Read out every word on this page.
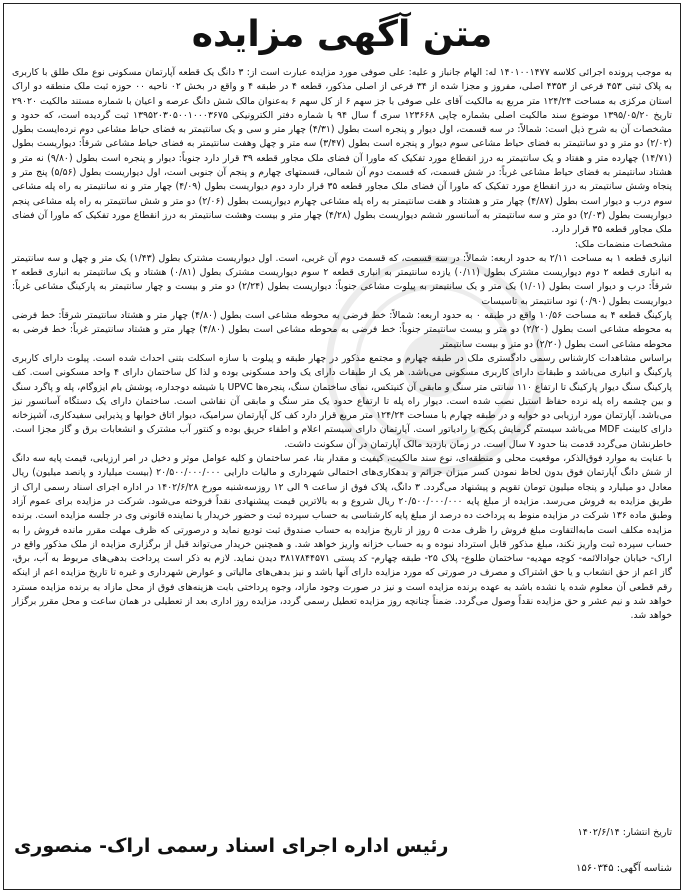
متن آگهی مزایده

به موجب پرونده اجرائی کلاسه ۱۴۰۱۰۰۱۴۷۷ له: الهام جانباز و علیه: علی صوفی مورد مزایده عبارت است از: ۳ دانگ یک قطعه آپارتمان مسکونی نوع ملک طلق با کاربری به پلاک ثبتی ۴۵۳ فرعی از ۴۳۵۳ اصلی، مفروز و مجزا شده از ۳۴ فرعی از اصلی مذکور، قطعه ۴ در طبقه ۴ و واقع در بخش ۰۲ ناحیه ۰۰ حوزه ثبت ملک منطقه دو اراک استان مرکزی به مساحت ۱۲۴/۲۴ متر مربع به مالکیت آقای علی صوفی با جز سهم ۶ از کل سهم ۶ به‌عنوان مالک شش دانگ عرصه و اعیان با شماره مستند مالکیت ۲۹۰۲۰ تاریخ ۱۳۹۵/۰۵/۲۰ موضوع سند مالکیت اصلی بشماره چاپی ۱۲۳۶۶۸ سری f سال ۹۴ با شماره دفتر الکترونیکی ۱۳۹۵۲۰۳۰۵۰۰۱۰۰۰۳۶۷۵ ثبت گردیده است، که حدود و مشخصات آن به شرح ذیل است: شمالاً: در سه قسمت، اول دیوار و پنجره است بطول (۴/۳۱) چهار متر و سی و یک سانتیمتر به فضای حیاط مشاعی دوم نرده‌ایست بطول (۲/۰۲) دو متر و دو سانتیمتر به فضای حیاط مشاعی سوم دیوار و پنجره است بطول (۳/۴۷) سه متر و چهل وهفت سانتیمتر به فضای حیاط مشاعی شرقاً: دیواریست بطول (۱۴/۷۱) چهارده متر و هفتاد و یک سانتیمتر به درز انقطاع مورد تفکیک که ماورا آن فضای ملک مجاور قطعه ۳۹ قرار دارد جنوباً: دیوار و پنجره است بطول (۹/۸۰) نه متر و هشتاد سانتیمتر به فضای حیاط مشاعی غرباً: در شش قسمت، که قسمت دوم آن شمالی، قسمتهای چهارم و پنجم آن جنوبی است، اول دیواریست بطول (۵/۵۶) پنج متر و پنجاه وشش سانتیمتر به درز انقطاع مورد تفکیک که ماورا آن فضای ملک مجاور قطعه ۳۵ قرار دارد دوم دیواریست بطول (۴/۰۹) چهار متر و نه سانتیمتر به راه پله مشاعی سوم درب و دیوار است بطول (۴/۸۷) چهار متر و هشتاد و هفت سانتیمتر به راه پله مشاعی چهارم دیواریست بطول (۲/۰۶) دو متر و شش سانتیمتر به راه پله مشاعی پنجم دیواریست بطول (۲/۰۳) دو متر و سه سانتیمتر به آسانسور ششم دیواریست بطول (۴/۲۸) چهار متر و بیست وهشت سانتیمتر به درز انقطاع مورد تفکیک که ماورا آن فضای ملک مجاور قطعه ۳۵ قرار دارد.

مشخصات منضمات ملک:

انباری قطعه ۱ به مساحت ۲/۱۱ به حدود اربعه: شمالاً: در سه قسمت، که قسمت دوم آن غربی، است. اول دیواریست مشترک بطول (۱/۴۳) یک متر و چهل و سه سانتیمتر به انباری قطعه ۲ دوم دیواریست مشترک بطول (۰/۱۱) یازده سانتیمتر به انباری قطعه ۲ سوم دیواریست مشترک بطول (۰/۸۱) هشتاد و یک سانتیمتر به انباری قطعه ۲ شرقاً: درب و دیوار است بطول (۱/۰۱) یک متر و یک سانتیمتر به پیلوت مشاعی جنوباً: دیواریست بطول (۲/۲۴) دو متر و بیست و چهار سانتیمتر به پارکینگ مشاعی غرباً: دیواریست بطول (۰/۹۰) نود سانتیمتر به تاسیسات

پارکینگ قطعه ۴ به مساحت ۱۰/۵۶ واقع در طبقه ۰ به حدود اربعه: شمالاً: خط فرضی به محوطه مشاعی است بطول (۴/۸۰) چهار متر و هشتاد سانتیمتر شرقاً: خط فرضی به محوطه مشاعی است بطول (۲/۲۰) دو متر و بیست سانتیمتر جنوباً: خط فرضی به محوطه مشاعی است بطول (۴/۸۰) چهار متر و هشتاد سانتیمتر غرباً: خط فرضی به محوطه مشاعی است بطول (۲/۲۰) دو متر و بیست سانتیمتر

براساس مشاهدات کارشناس رسمی دادگستری ملک در طبقه چهارم و مجتمع مذکور در چهار طبقه و پیلوت با سازه اسکلت بتنی احداث شده است. پیلوت دارای کاربری پارکینگ و انباری می‌باشد و طبقات دارای کاربری مسکونی می‌باشد. هر یک از طبقات دارای یک واحد مسکونی بوده و لذا کل ساختمان دارای ۴ واحد مسکونی است. کف پارکینگ سنگ دیوار پارکینگ تا ارتفاع ۱۱۰ سانتی متر سنگ و مابقی آن کنیتکس، نمای ساختمان سنگ، پنجره‌ها UPVC با شیشه دوجداره، پوشش بام ایزوگام، پله و پاگرد سنگ و بین چشمه راه پله نرده حفاظ استیل نصب شده است. دیوار راه پله تا ارتفاع حدود یک متر سنگ و مابقی آن نقاشی است. ساختمان دارای یک دستگاه آسانسور نیز می‌باشد. آپارتمان مورد ارزیابی دو خوابه و در طبقه چهارم با مساحت ۱۲۴/۲۴ متر مربع قرار دارد کف کل آپارتمان سرامیک، دیوار اتاق خوابها و پذیرایی سفیدکاری، آشپزخانه دارای کابینت MDF می‌باشد سیستم گرمایش پکیج با رادیاتور است. آپارتمان دارای سیستم اعلام و اطفاء حریق بوده و کنتور آب مشترک و انشعابات برق و گاز مجزا است. خاطرنشان می‌گردد قدمت بنا حدود ۷ سال است. در زمان بازدید مالک آپارتمان در آن سکونت داشت.

با عنایت به موارد فوق‌الذکر، موقعیت محلی و منطقه‌ای، نوع سند مالکیت، کیفیت و مقدار بنا، عمر ساختمان و کلیه عوامل موثر و دخیل در امر ارزیابی، قیمت پایه سه دانگ از شش دانگ آپارتمان فوق بدون لحاظ نمودن کسر میزان جرائم و بدهکاری‌های احتمالی شهرداری و مالیات دارایی ۲۰/۵۰۰/۰۰۰/۰۰۰ (بیست میلیارد و پانصد میلیون) ریال معادل دو میلیارد و پنجاه میلیون تومان تقویم و پیشنهاد می‌گردد. ۳ دانگ، پلاک فوق از ساعت ۹ الی ۱۲ روزسه‌شنبه مورخ ۱۴۰۲/۶/۲۸ در اداره اجرای اسناد رسمی اراک از طریق مزایده به فروش می‌رسد. مزایده از مبلغ پایه ۲۰/۵۰۰/۰۰۰/۰۰۰ ریال شروع و به بالاترین قیمت پیشنهادی نقداً فروخته می‌شود. شرکت در مزایده برای عموم آزاد وطبق ماده ۱۳۶ شرکت در مزایده منوط به پرداخت ده درصد از مبلغ پایه کارشناسی به حساب سپرده ثبت و حضور خریدار یا نماینده قانونی وی در جلسه مزایده است. برنده مزایده مکلف است مابه‌التفاوت مبلغ فروش را ظرف مدت ۵ روز از تاریخ مزایده به حساب صندوق ثبت تودیع نماید و درصورتی که ظرف مهلت مقرر مانده فروش را به حساب سپرده ثبت واریز نکند، مبلغ مذکور قابل استرداد نبوده و به حساب خزانه واریز خواهد شد. و همچنین خریدار می‌تواند قبل از برگزاری مزایده از ملک مذکور واقع در اراک- خیابان جوادالائمه- کوچه مهدیه- ساختمان طلوع- پلاک ۲۵- طبقه چهارم- کد پستی ۳۸۱۷۸۴۴۵۷۱ دیدن نماید. لازم به ذکر است پرداخت بدهی‌های مربوط به آب، برق، گاز اعم از حق انشعاب و یا حق اشتراک و مصرف در صورتی که مورد مزایده دارای آنها باشد و نیز بدهی‌های مالیاتی و عوارض شهرداری و غیره تا تاریخ مزایده اعم از اینکه رقم قطعی آن معلوم شده یا نشده باشد به عهده برنده مزایده است و نیز در صورت وجود مازاد، وجوه پرداختی بابت هزینه‌های فوق از محل مازاد به برنده مزایده مسترد خواهد شد و نیم عشر و حق مزایده نقداً وصول می‌گردد. ضمناً چنانچه روز مزایده تعطیل رسمی گردد، مزایده روز اداری بعد از تعطیلی در همان ساعت و محل مقرر برگزار خواهد شد.

تاریخ انتشار: ۱۴۰۲/۶/۱۴
شناسه آگهی: ۱۵۶۰۳۴۵
رئیس اداره اجرای اسناد رسمی اراک- منصوری
